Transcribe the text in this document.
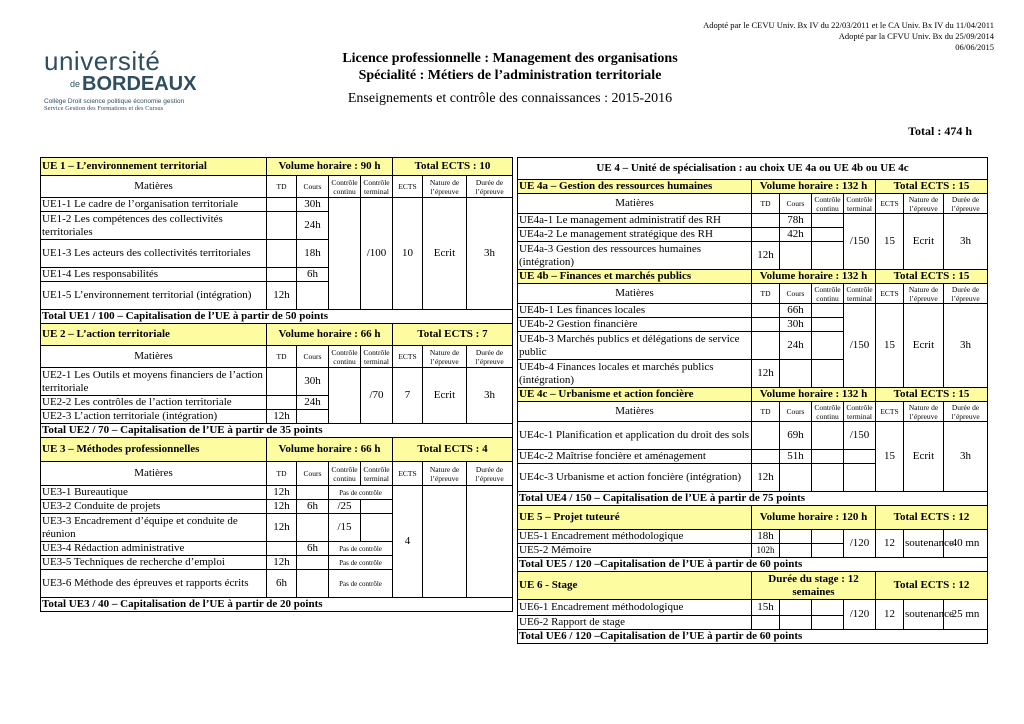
université
$^{de}$ BORDEAUX
Collège Droit science politique économie gestion
Service Gestion des Formations et des Cursus
Adopté par le CEVU Univ. Bx IV du 22/03/2011 et le CA Univ. Bx IV du 11/04/2011
Adopté par la CFVU Univ. Bx du 25/09/2014
06/06/2015
Licence professionnelle : Management des organisations
Spécialité : Métiers de l’administration territoriale
Enseignements et contrôle des connaissances : 2015-2016
Total : 474 h
UE 1 – L’environnement territorial	Volume horaire : 90 h				Total ECTS : 10		
Matières	TD	Cours	Contrôle continu	Contrôle terminal	ECTS	Nature de l’épreuve	Durée de l’épreuve
UE1-1 Le cadre de l’organisation territoriale		30h		/100	10	Ecrit	3h
UE1-2 Les compétences des collectivités territoriales		24h					
UE1-3 Les acteurs des collectivités territoriales		18h					
UE1-4 Les responsabilités		6h					
UE1-5 L’environnement territorial (intégration)	12h						
Total UE1 / 100 – Capitalisation de l’UE à partir de 50 points							
UE 2 – L’action territoriale	Volume horaire : 66 h				Total ECTS : 7		
Matières	TD	Cours	Contrôle continu	Contrôle terminal	ECTS	Nature de l’épreuve	Durée de l’épreuve
UE2-1 Les Outils et moyens financiers de l’action territoriale		30h		/70	7	Ecrit	3h
UE2-2 Les contrôles de l’action territoriale		24h					
UE2-3 L’action territoriale (intégration)	12h						
Total UE2 / 70 – Capitalisation de l’UE à partir de 35 points							
UE 3 – Méthodes professionnelles	Volume horaire : 66 h				Total ECTS : 4		
Matières	TD	Cours	Contrôle continu	Contrôle terminal	ECTS	Nature de l’épreuve	Durée de l’épreuve
UE3-1 Bureautique	12h		Pas de contrôle		4		
UE3-2 Conduite de projets	12h	6h	/25				
UE3-3 Encadrement d’équipe et conduite de réunion	12h		/15				
UE3-4 Rédaction administrative		6h	Pas de contrôle				
UE3-5 Techniques de recherche d’emploi	12h		Pas de contrôle				
UE3-6 Méthode des épreuves et rapports écrits	6h		Pas de contrôle				
Total UE3 / 40 – Capitalisation de l’UE à partir de 20 points							
UE 4 – Unité de spécialisation : au choix UE 4a ou UE 4b ou UE 4c							
UE 4a – Gestion des ressources humaines	Volume horaire : 132 h				Total ECTS : 15		
Matières	TD	Cours	Contrôle continu	Contrôle terminal	ECTS	Nature de l’épreuve	Durée de l’épreuve
UE4a-1 Le management administratif des RH		78h		/150	15	Ecrit	3h
UE4a-2 Le management stratégique des RH		42h					
UE4a-3 Gestion des ressources humaines (intégration)	12h						
UE 4b – Finances et marchés publics	Volume horaire : 132 h				Total ECTS : 15		
Matières	TD	Cours	Contrôle continu	Contrôle terminal	ECTS	Nature de l’épreuve	Durée de l’épreuve
UE4b-1 Les finances locales		66h		/150	15	Ecrit	3h
UE4b-2 Gestion financière		30h					
UE4b-3 Marchés publics et délégations de service public		24h					
UE4b-4 Finances locales et marchés publics (intégration)	12h						
UE 4c – Urbanisme et action foncière	Volume horaire : 132 h				Total ECTS : 15		
Matières	TD	Cours	Contrôle continu	Contrôle terminal	ECTS	Nature de l’épreuve	Durée de l’épreuve
UE4c-1 Planification et application du droit des sols		69h		/150	15	Ecrit	3h
UE4c-2 Maîtrise foncière et aménagement		51h					
UE4c-3 Urbanisme et action foncière (intégration)	12h						
Total UE4 / 150 – Capitalisation de l’UE à partir de 75 points							
UE 5 – Projet tuteuré	Volume horaire : 120 h				Total ECTS : 12		
UE5-1 Encadrement méthodologique	18h			/120	12	soutenance	40 mn
UE5-2 Mémoire	102h						
Total UE5 / 120 –Capitalisation de l’UE à partir de 60 points							
UE 6 - Stage	Durée du stage : 12 semaines				Total ECTS : 12		
UE6-1 Encadrement méthodologique	15h			/120	12	soutenance	25 mn
UE6-2 Rapport de stage							
Total UE6 / 120 –Capitalisation de l’UE à partir de 60 points							
